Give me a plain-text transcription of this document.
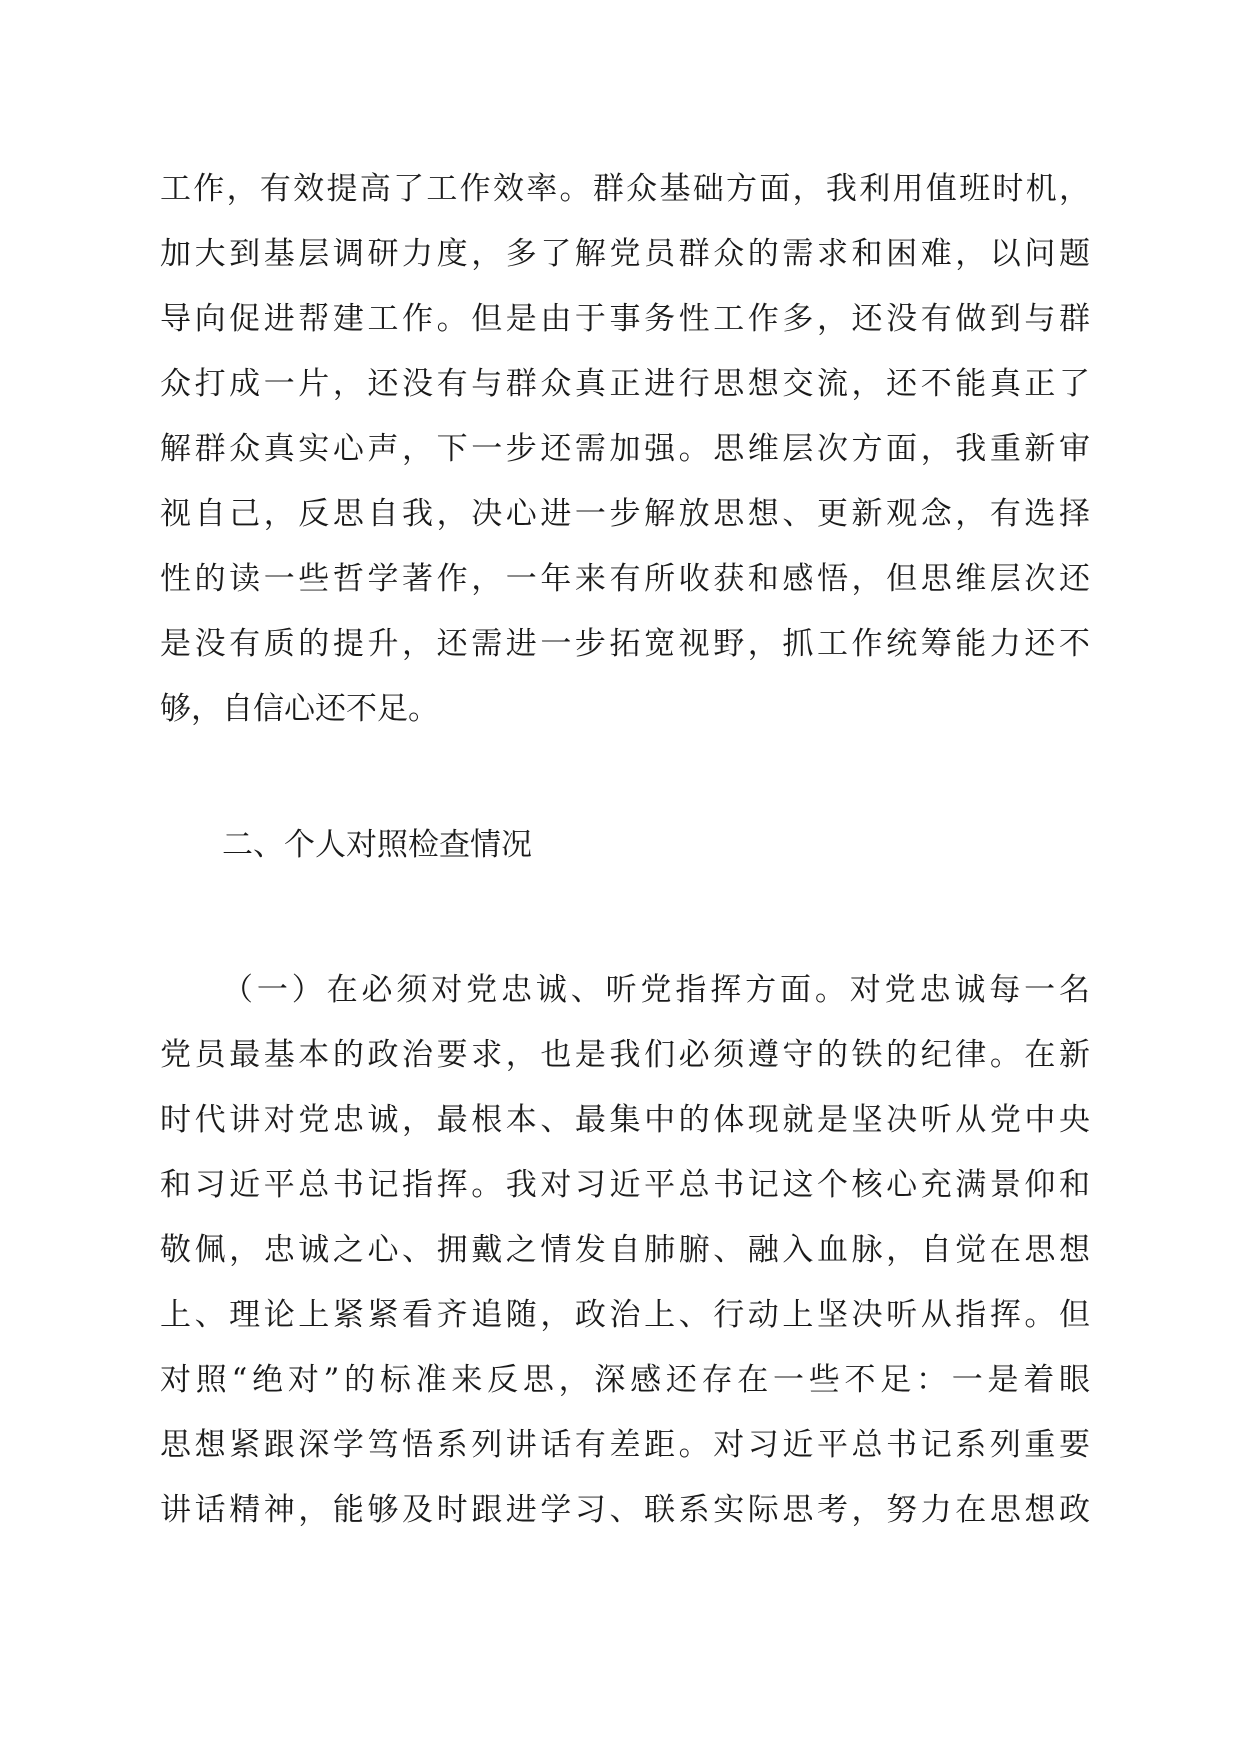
工作，有效提高了工作效率。群众基础方面，我利用值班时机，
加大到基层调研力度，多了解党员群众的需求和困难，以问题
导向促进帮建工作。但是由于事务性工作多，还没有做到与群
众打成一片，还没有与群众真正进行思想交流，还不能真正了
解群众真实心声，下一步还需加强。思维层次方面，我重新审
视自己，反思自我，决心进一步解放思想、更新观念，有选择
性的读一些哲学著作，一年来有所收获和感悟，但思维层次还
是没有质的提升，还需进一步拓宽视野，抓工作统筹能力还不
够，自信心还不足。
二、个人对照检查情况
（一）在必须对党忠诚、听党指挥方面。对党忠诚每一名
党员最基本的政治要求，也是我们必须遵守的铁的纪律。在新
时代讲对党忠诚，最根本、最集中的体现就是坚决听从党中央
和习近平总书记指挥。我对习近平总书记这个核心充满景仰和
敬佩，忠诚之心、拥戴之情发自肺腑、融入血脉，自觉在思想
上、理论上紧紧看齐追随，政治上、行动上坚决听从指挥。但
对照“绝对”的标准来反思，深感还存在一些不足：一是着眼
思想紧跟深学笃悟系列讲话有差距。对习近平总书记系列重要
讲话精神，能够及时跟进学习、联系实际思考，努力在思想政
